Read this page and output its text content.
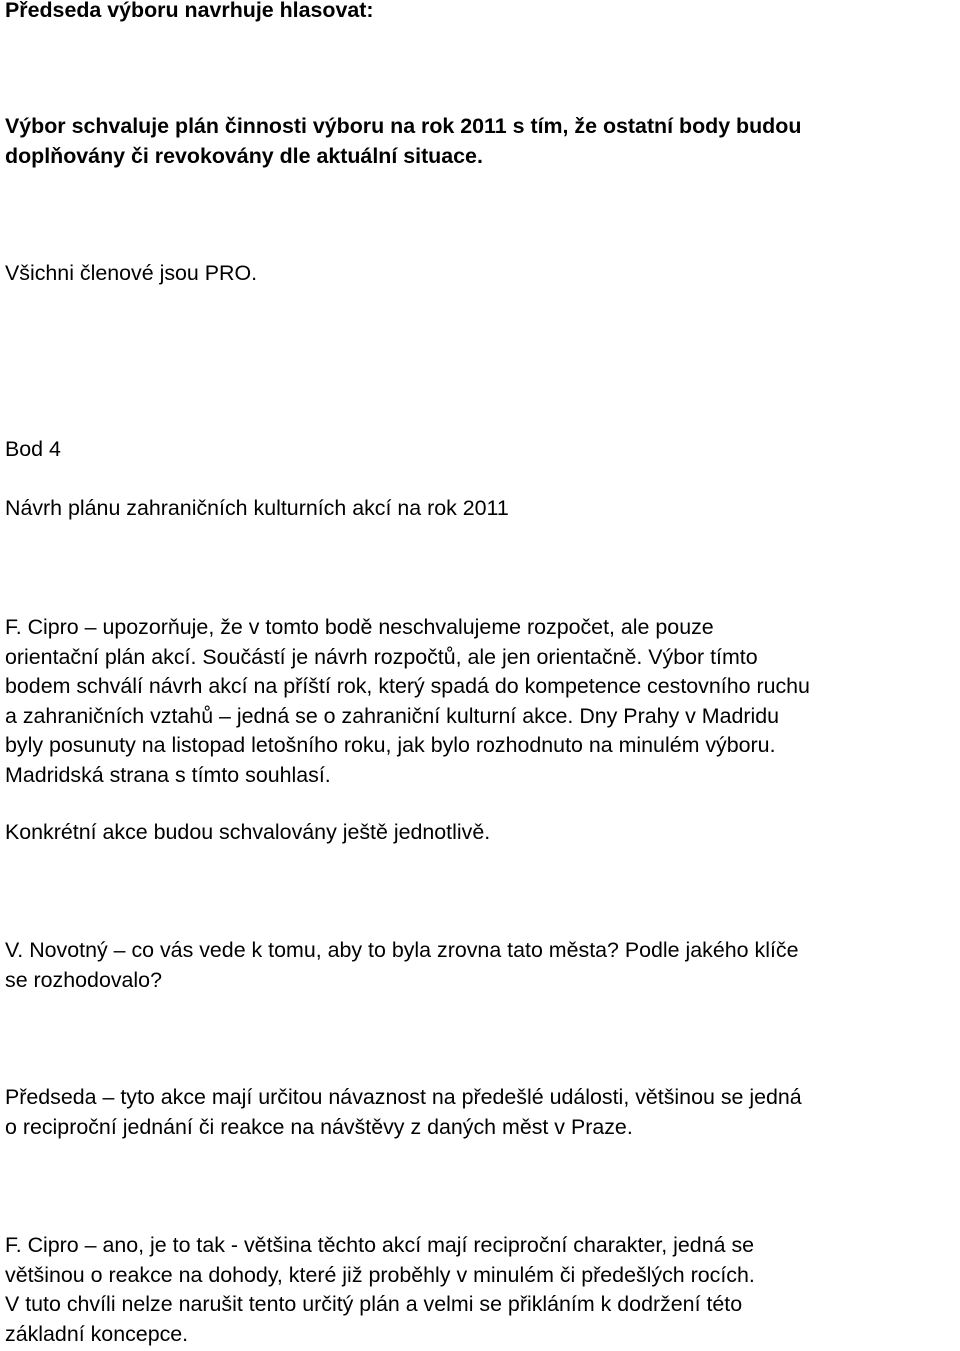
Předseda výboru navrhuje hlasovat:
Výbor schvaluje plán činnosti výboru na rok 2011 s tím, že ostatní body budou
doplňovány či revokovány dle aktuální situace.
Všichni členové jsou PRO.
Bod 4
Návrh plánu zahraničních kulturních akcí na rok 2011
F. Cipro – upozorňuje, že v tomto bodě neschvalujeme rozpočet, ale pouze
orientační plán akcí. Součástí je návrh rozpočtů, ale jen orientačně. Výbor tímto
bodem schválí návrh akcí na příští rok, který spadá do kompetence cestovního ruchu
a zahraničních vztahů – jedná se o zahraniční kulturní akce. Dny Prahy v Madridu
byly posunuty na listopad letošního roku, jak bylo rozhodnuto na minulém výboru.
Madridská strana s tímto souhlasí.
Konkrétní akce budou schvalovány ještě jednotlivě.
V. Novotný – co vás vede k tomu, aby to byla zrovna tato města? Podle jakého klíče
se rozhodovalo?
Předseda – tyto akce mají určitou návaznost na předešlé události, většinou se jedná
o reciproční jednání či reakce na návštěvy z daných měst v Praze.
F. Cipro – ano, je to tak - většina těchto akcí mají reciproční charakter, jedná se
většinou o reakce na dohody, které již proběhly v minulém či předešlých rocích.
V tuto chvíli nelze narušit tento určitý plán a velmi se přikláním k dodržení této
základní koncepce.
